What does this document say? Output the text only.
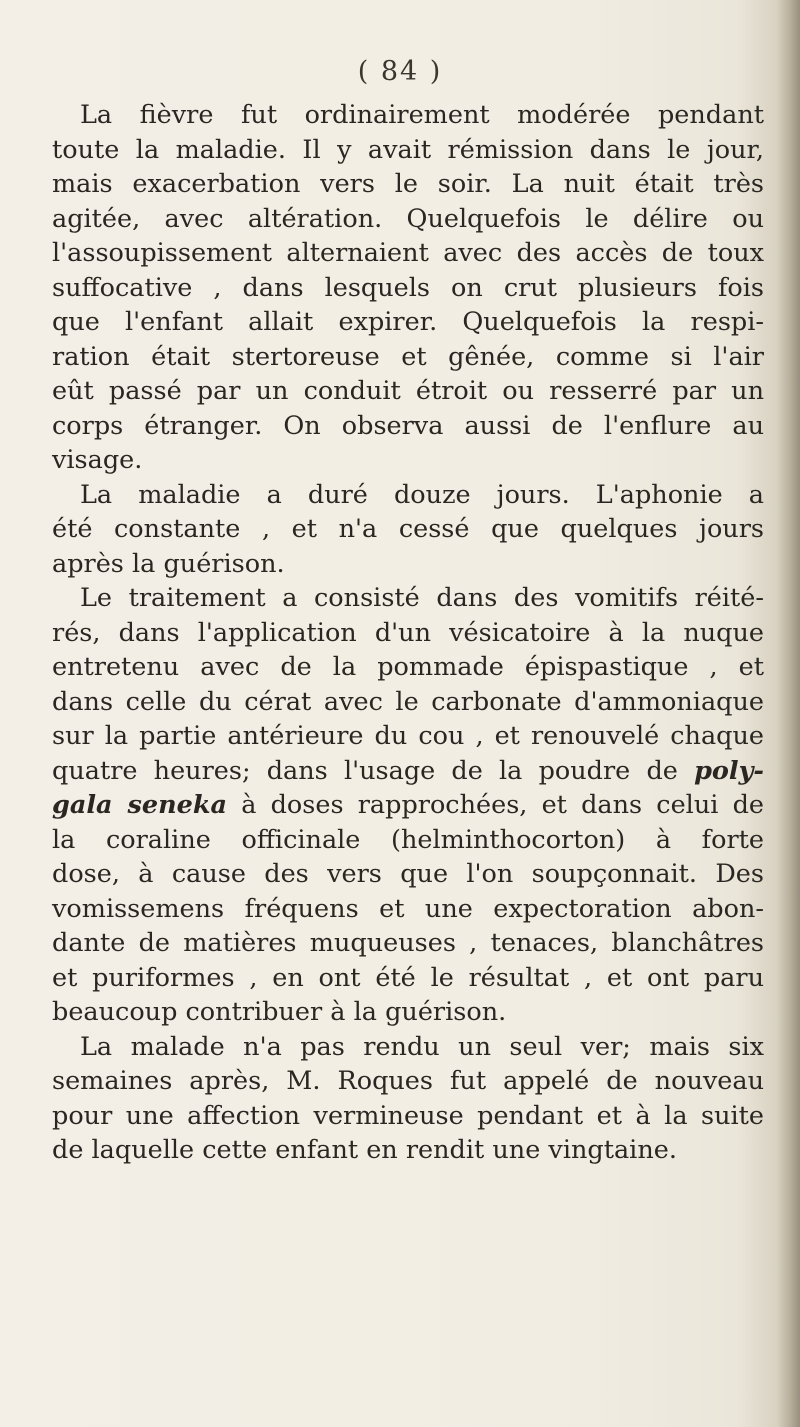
( 84 )
La fièvre fut ordinairement modérée pendant
toute la maladie. Il y avait rémission dans le jour,
mais exacerbation vers le soir. La nuit était très
agitée, avec altération. Quelquefois le délire ou
l'assoupissement alternaient avec des accès de toux
suffocative , dans lesquels on crut plusieurs fois
que l'enfant allait expirer. Quelquefois la respi-
ration était stertoreuse et gênée, comme si l'air
eût passé par un conduit étroit ou resserré par un
corps étranger. On observa aussi de l'enflure au
visage.
La maladie a duré douze jours. L'aphonie a
été constante , et n'a cessé que quelques jours
après la guérison.
Le traitement a consisté dans des vomitifs réité-
rés, dans l'application d'un vésicatoire à la nuque
entretenu avec de la pommade épispastique , et
dans celle du cérat avec le carbonate d'ammoniaque
sur la partie antérieure du cou , et renouvelé chaque
quatre heures; dans l'usage de la poudre de poly-
gala seneka à doses rapprochées, et dans celui de
la coraline officinale (helminthocorton) à forte
dose, à cause des vers que l'on soupçonnait. Des
vomissemens fréquens et une expectoration abon-
dante de matières muqueuses , tenaces, blanchâtres
et puriformes , en ont été le résultat , et ont paru
beaucoup contribuer à la guérison.
La malade n'a pas rendu un seul ver; mais six
semaines après, M. Roques fut appelé de nouveau
pour une affection vermineuse pendant et à la suite
de laquelle cette enfant en rendit une vingtaine.
